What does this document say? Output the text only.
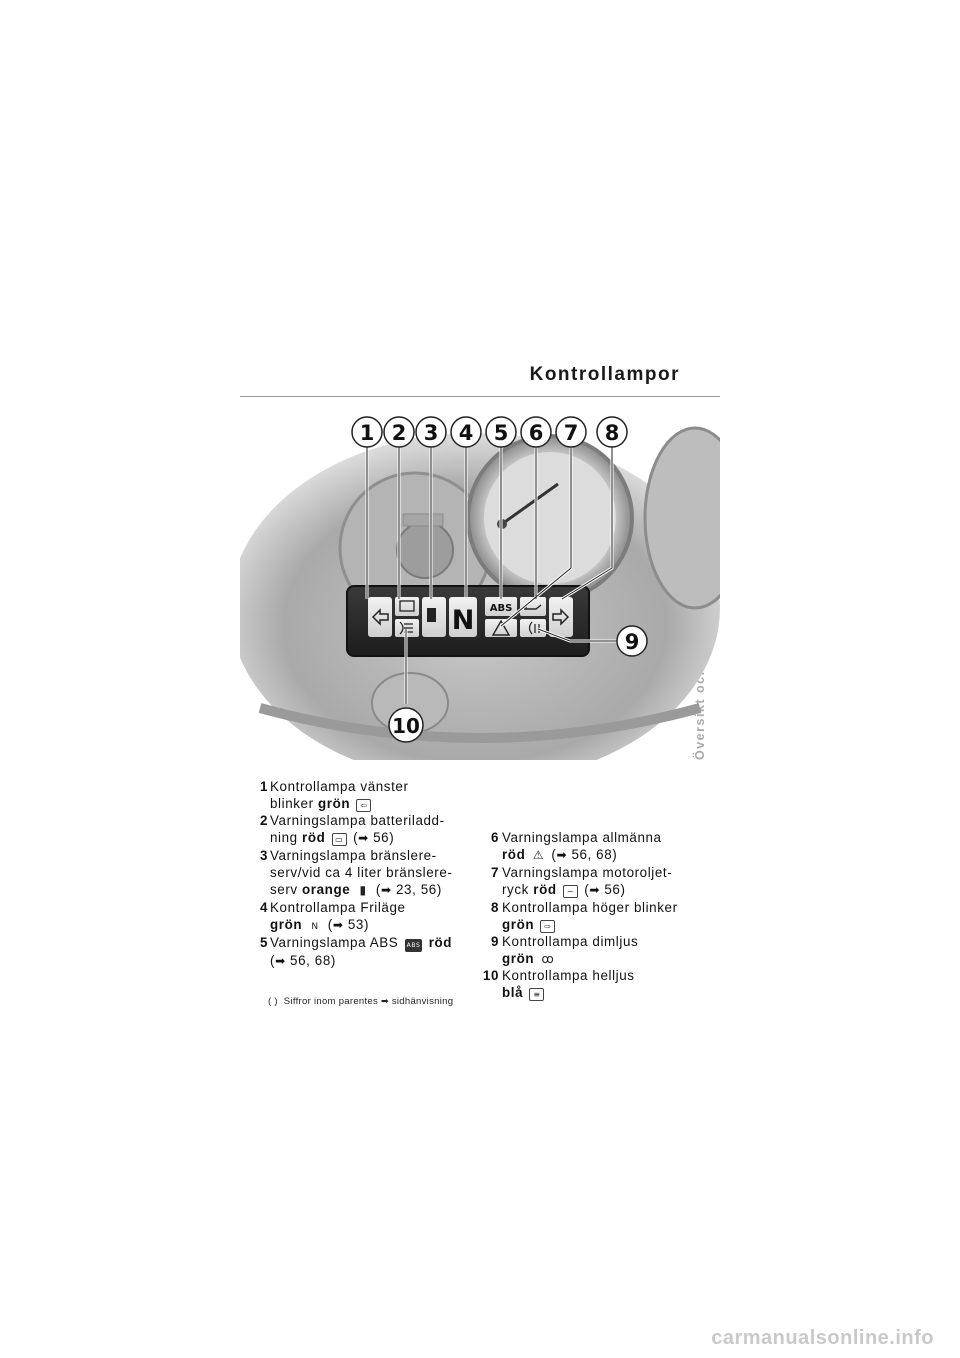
Kontrollampor
N ABS
1 2 3 4 5 6 7 8
9
10
1 Kontrollampa vänster
blinker grön ⇦
2 Varningslampa batteriladd-
ning röd ▭ (➡ 56)
3 Varningslampa bränslere-
serv/vid ca 4 liter bränslere-
serv orange ▮ (➡ 23, 56)
4 Kontrollampa Friläge
grön N (➡ 53)
5 Varningslampa ABS ABS röd
(➡ 56, 68)
( ) Siffror inom parentes ➡ sidhänvisning
6 Varningslampa allmänna
röd ⚠ (➡ 56, 68)
7 Varningslampa motoroljet-
ryck röd ~ (➡ 56)
8 Kontrollampa höger blinker
grön ⇨
9 Kontrollampa dimljus
grön ꝏ
10 Kontrollampa helljus
blå ≡
carmanualsonline.info
